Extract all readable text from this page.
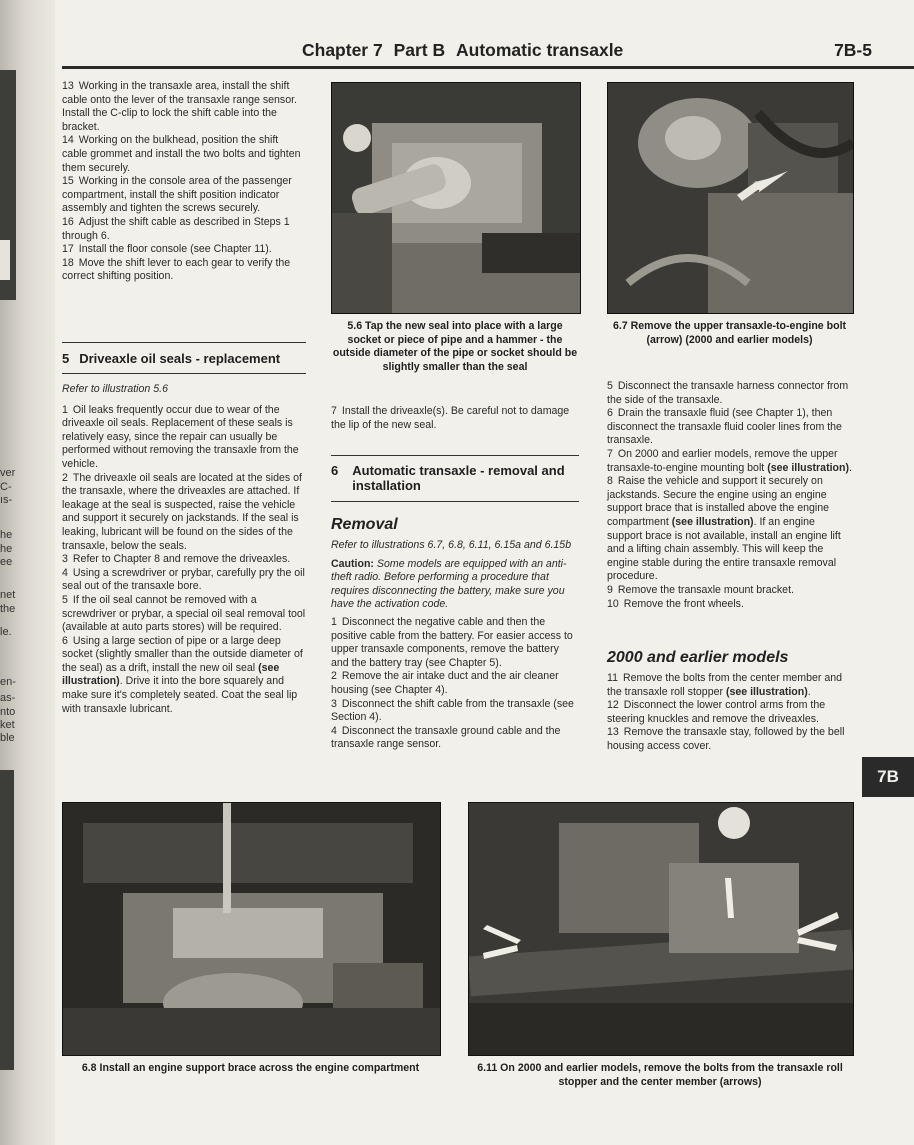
ver
C-
ıs-
he
he
ee
net
the
le.
en-
as-
nto
ket
ble
Chapter 7 Part B Automatic transaxle	7B-5

13 Working in the transaxle area, install the shift cable onto the lever of the transaxle range sensor. Install the C-clip to lock the shift cable into the bracket.

14 Working on the bulkhead, position the shift cable grommet and install the two bolts and tighten them securely.

15 Working in the console area of the passenger compartment, install the shift position indicator assembly and tighten the screws securely.

16 Adjust the shift cable as described in Steps 1 through 6.

17 Install the floor console (see Chapter 11).

18 Move the shift lever to each gear to verify the correct shifting position.

5 Driveaxle oil seals - replacement

Refer to illustration 5.6

1 Oil leaks frequently occur due to wear of the driveaxle oil seals. Replacement of these seals is relatively easy, since the repair can usually be performed without removing the transaxle from the vehicle.

2 The driveaxle oil seals are located at the sides of the transaxle, where the driveaxles are attached. If leakage at the seal is suspected, raise the vehicle and support it securely on jackstands. If the seal is leaking, lubricant will be found on the sides of the transaxle, below the seals.

3 Refer to Chapter 8 and remove the driveaxles.

4 Using a screwdriver or prybar, carefully pry the oil seal out of the transaxle bore.

5 If the oil seal cannot be removed with a screwdriver or prybar, a special oil seal removal tool (available at auto parts stores) will be required.

6 Using a large section of pipe or a large deep socket (slightly smaller than the outside diameter of the seal) as a drift, install the new oil seal (see illustration). Drive it into the bore squarely and make sure it's completely seated. Coat the seal lip with transaxle lubricant.

5.6 Tap the new seal into place with a large socket or piece of pipe and a hammer - the outside diameter of the pipe or socket should be slightly smaller than the seal

7 Install the driveaxle(s). Be careful not to damage the lip of the new seal.

6 Automatic transaxle - removal and installation
Removal

Refer to illustrations 6.7, 6.8, 6.11, 6.15a and 6.15b

Caution: Some models are equipped with an anti-theft radio. Before performing a procedure that requires disconnecting the battery, make sure you have the activation code.

1 Disconnect the negative cable and then the positive cable from the battery. For easier access to upper transaxle components, remove the battery and the battery tray (see Chapter 5).

2 Remove the air intake duct and the air cleaner housing (see Chapter 4).

3 Disconnect the shift cable from the transaxle (see Section 4).

4 Disconnect the transaxle ground cable and the transaxle range sensor.

6.7 Remove the upper transaxle-to-engine bolt (arrow) (2000 and earlier models)

5 Disconnect the transaxle harness connector from the side of the transaxle.

6 Drain the transaxle fluid (see Chapter 1), then disconnect the transaxle fluid cooler lines from the transaxle.

7 On 2000 and earlier models, remove the upper transaxle-to-engine mounting bolt (see illustration).

8 Raise the vehicle and support it securely on jackstands. Secure the engine using an engine support brace that is installed above the engine compartment (see illustration). If an engine support brace is not available, install an engine lift and a lifting chain assembly. This will keep the engine stable during the entire transaxle removal procedure.

9 Remove the transaxle mount bracket.

10 Remove the front wheels.

2000 and earlier models

11 Remove the bolts from the center member and the transaxle roll stopper (see illustration).

12 Disconnect the lower control arms from the steering knuckles and remove the driveaxles.

13 Remove the transaxle stay, followed by the bell housing access cover.

7B
6.8 Install an engine support brace across the engine compartment	6.11 On 2000 and earlier models, remove the bolts from the transaxle roll stopper and the center member (arrows)
